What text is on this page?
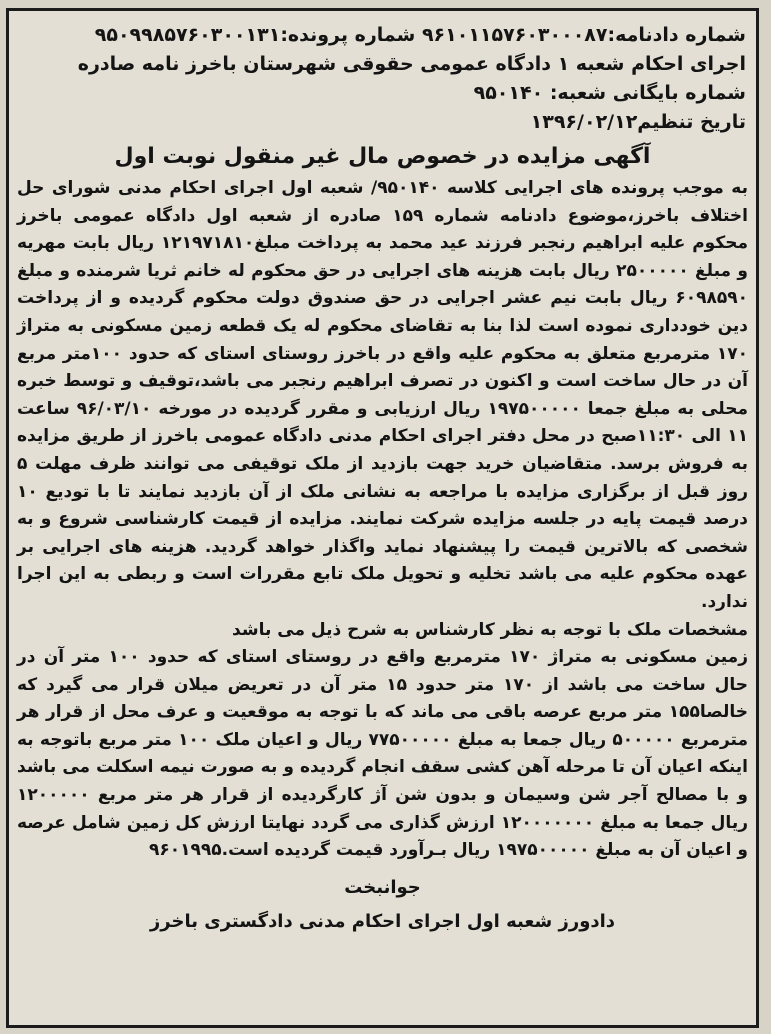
شماره دادنامه:۹۶۱۰۱۱۵۷۶۰۳۰۰۰۸۷ شماره پرونده:۹۵۰۹۹۸۵۷۶۰۳۰۰۱۳۱
اجرای احکام شعبه ۱ دادگاه عمومی حقوقی شهرستان باخرز نامه صادره
شماره بایگانی شعبه: ۹۵۰۱۴۰
تاریخ تنظیم۱۳۹۶/۰۲/۱۲
آگهی مزایده در خصوص مال غیر منقول نوبت اول

به موجب پرونده های اجرایی کلاسه ۹۵۰۱۴۰/ شعبه اول اجرای احکام مدنی شورای حل اختلاف باخرز،موضوع دادنامه شماره ۱۵۹ صادره از شعبه اول دادگاه عمومی باخرز محکوم علیه ابراهیم رنجبر فرزند عید محمد به پرداخت مبلغ۱۲۱۹۷۱۸۱۰ ریال بابت مهریه و مبلغ ۲۵۰۰۰۰۰ ریال بابت هزینه های اجرایی در حق محکوم له خانم ثریا شرمنده و مبلغ ۶۰۹۸۵۹۰ ریال بابت نیم عشر اجرایی در حق صندوق دولت محکوم گردیده و از پرداخت دین خودداری نموده است لذا بنا به تقاضای محکوم له یک قطعه زمین مسکونی به متراژ ۱۷۰ مترمربع متعلق به محکوم علیه واقع در باخرز روستای استای که حدود ۱۰۰متر مربع آن در حال ساخت است و اکنون در تصرف ابراهیم رنجبر می باشد،توقیف و توسط خبره محلی به مبلغ جمعا ۱۹۷۵۰۰۰۰۰ ریال ارزیابی و مقرر گردیده در مورخه ۹۶/۰۳/۱۰ ساعت ۱۱ الی ۱۱:۳۰صبح در محل دفتر اجرای احکام مدنی دادگاه عمومی باخرز از طریق مزایده به فروش برسد. متقاضیان خرید جهت بازدید از ملک توقیفی می توانند ظرف مهلت ۵ روز قبل از برگزاری مزایده با مراجعه به نشانی ملک از آن بازدید نمایند تا با تودیع ۱۰ درصد قیمت پایه در جلسه مزایده شرکت نمایند. مزایده از قیمت کارشناسی شروع و به شخصی که بالاترین قیمت را پیشنهاد نماید واگذار خواهد گردید. هزینه های اجرایی بر عهده محکوم علیه می باشد تخلیه و تحویل ملک تابع مقررات است و ربطی به این اجرا ندارد.

مشخصات ملک با توجه به نظر کارشناس به شرح ذیل می باشد

زمین مسکونی به متراژ ۱۷۰ مترمربع واقع در روستای استای که حدود ۱۰۰ متر آن در حال ساخت می باشد از ۱۷۰ متر حدود ۱۵ متر آن در تعریض میلان قرار می گیرد که خالصا۱۵۵ متر مربع عرصه باقی می ماند که با توجه به موقعیت و عرف محل از قرار هر مترمربع ۵۰۰۰۰۰ ریال جمعا به مبلغ ۷۷۵۰۰۰۰۰ ریال و اعیان ملک ۱۰۰ متر مربع باتوجه به اینکه اعیان آن تا مرحله آهن کشی سقف انجام گردیده و به صورت نیمه اسکلت می باشد و با مصالح آجر شن وسیمان و بدون شن آژ کارگردیده از قرار هر متر مربع ۱۲۰۰۰۰۰ ریال جمعا به مبلغ ۱۲۰۰۰۰۰۰۰ ارزش گذاری می گردد نهایتا ارزش کل زمین شامل عرصه و اعیان آن به مبلغ ۱۹۷۵۰۰۰۰۰ ریال بـرآورد قیمت گردیده است.۹۶۰۱۹۹۵

جوانبخت
دادورز شعبه اول اجرای احکام مدنی دادگستری باخرز
